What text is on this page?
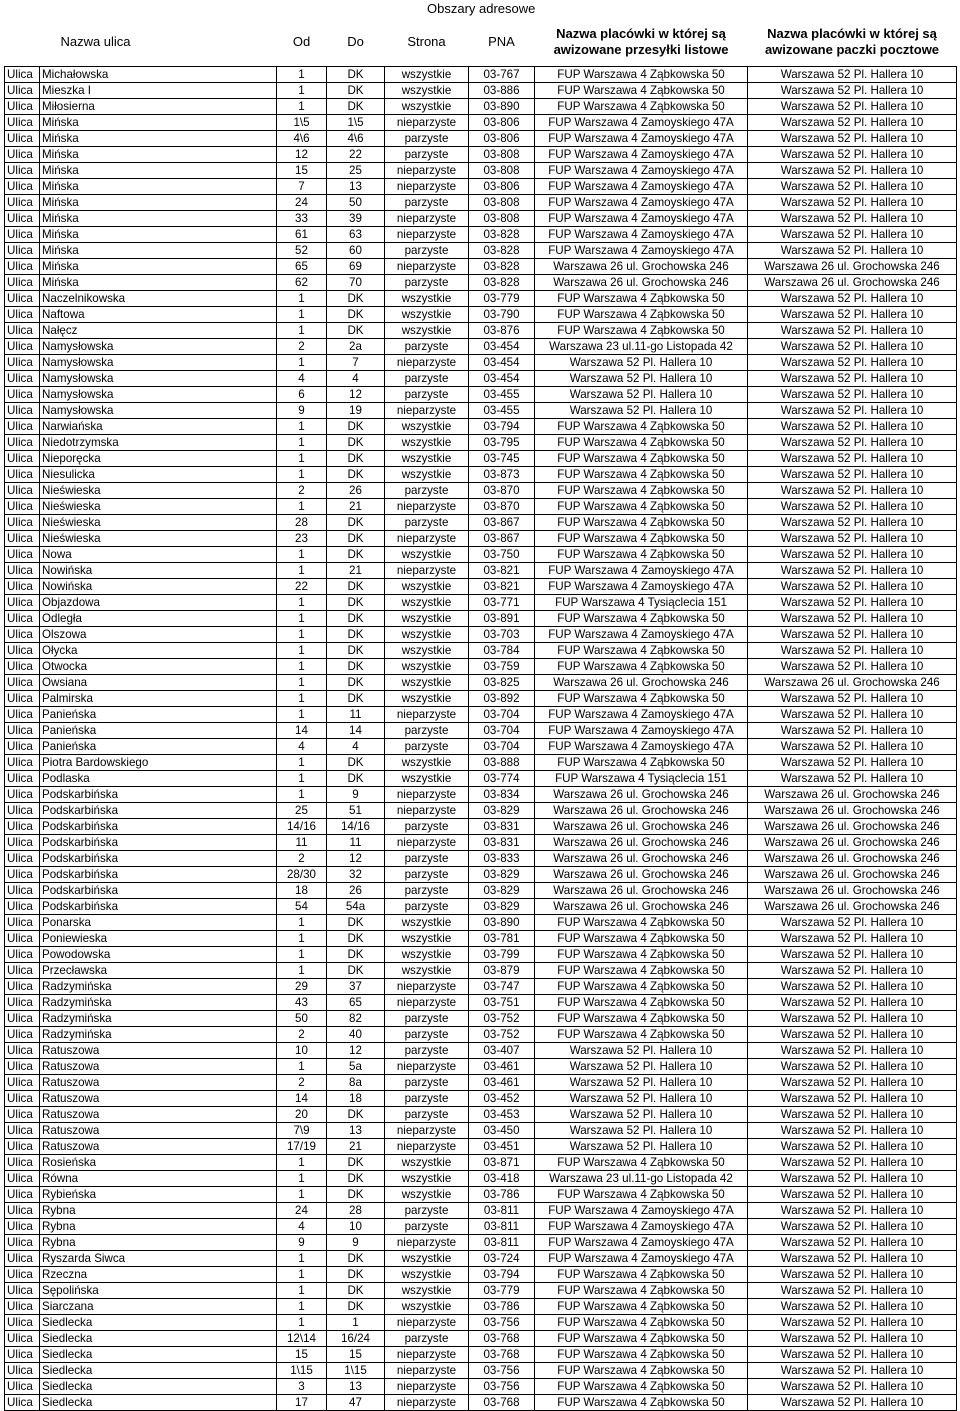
Obszary adresowe
Nazwa ulica		Od	Do	Strona	PNA	Nazwa placówki w której są
awizowane przesyłki listowe	Nazwa placówki w której są
awizowane paczki pocztowe
Ulica	Michałowska	1	DK	wszystkie	03-767	FUP Warszawa 4 Ząbkowska 50	Warszawa 52 Pl. Hallera 10
Ulica	Mieszka I	1	DK	wszystkie	03-886	FUP Warszawa 4 Ząbkowska 50	Warszawa 52 Pl. Hallera 10
Ulica	Miłosierna	1	DK	wszystkie	03-890	FUP Warszawa 4 Ząbkowska 50	Warszawa 52 Pl. Hallera 10
Ulica	Mińska	1\5	1\5	nieparzyste	03-806	FUP Warszawa 4 Zamoyskiego 47A	Warszawa 52 Pl. Hallera 10
Ulica	Mińska	4\6	4\6	parzyste	03-806	FUP Warszawa 4 Zamoyskiego 47A	Warszawa 52 Pl. Hallera 10
Ulica	Mińska	12	22	parzyste	03-808	FUP Warszawa 4 Zamoyskiego 47A	Warszawa 52 Pl. Hallera 10
Ulica	Mińska	15	25	nieparzyste	03-808	FUP Warszawa 4 Zamoyskiego 47A	Warszawa 52 Pl. Hallera 10
Ulica	Mińska	7	13	nieparzyste	03-806	FUP Warszawa 4 Zamoyskiego 47A	Warszawa 52 Pl. Hallera 10
Ulica	Mińska	24	50	parzyste	03-808	FUP Warszawa 4 Zamoyskiego 47A	Warszawa 52 Pl. Hallera 10
Ulica	Mińska	33	39	nieparzyste	03-808	FUP Warszawa 4 Zamoyskiego 47A	Warszawa 52 Pl. Hallera 10
Ulica	Mińska	61	63	nieparzyste	03-828	FUP Warszawa 4 Zamoyskiego 47A	Warszawa 52 Pl. Hallera 10
Ulica	Mińska	52	60	parzyste	03-828	FUP Warszawa 4 Zamoyskiego 47A	Warszawa 52 Pl. Hallera 10
Ulica	Mińska	65	69	nieparzyste	03-828	Warszawa 26 ul. Grochowska 246	Warszawa 26 ul. Grochowska 246
Ulica	Mińska	62	70	parzyste	03-828	Warszawa 26 ul. Grochowska 246	Warszawa 26 ul. Grochowska 246
Ulica	Naczelnikowska	1	DK	wszystkie	03-779	FUP Warszawa 4 Ząbkowska 50	Warszawa 52 Pl. Hallera 10
Ulica	Naftowa	1	DK	wszystkie	03-790	FUP Warszawa 4 Ząbkowska 50	Warszawa 52 Pl. Hallera 10
Ulica	Nałęcz	1	DK	wszystkie	03-876	FUP Warszawa 4 Ząbkowska 50	Warszawa 52 Pl. Hallera 10
Ulica	Namysłowska	2	2a	parzyste	03-454	Warszawa 23 ul.11-go Listopada 42	Warszawa 52 Pl. Hallera 10
Ulica	Namysłowska	1	7	nieparzyste	03-454	Warszawa 52 Pl. Hallera 10	Warszawa 52 Pl. Hallera 10
Ulica	Namysłowska	4	4	parzyste	03-454	Warszawa 52 Pl. Hallera 10	Warszawa 52 Pl. Hallera 10
Ulica	Namysłowska	6	12	parzyste	03-455	Warszawa 52 Pl. Hallera 10	Warszawa 52 Pl. Hallera 10
Ulica	Namysłowska	9	19	nieparzyste	03-455	Warszawa 52 Pl. Hallera 10	Warszawa 52 Pl. Hallera 10
Ulica	Narwiańska	1	DK	wszystkie	03-794	FUP Warszawa 4 Ząbkowska 50	Warszawa 52 Pl. Hallera 10
Ulica	Niedotrzymska	1	DK	wszystkie	03-795	FUP Warszawa 4 Ząbkowska 50	Warszawa 52 Pl. Hallera 10
Ulica	Nieporęcka	1	DK	wszystkie	03-745	FUP Warszawa 4 Ząbkowska 50	Warszawa 52 Pl. Hallera 10
Ulica	Niesulicka	1	DK	wszystkie	03-873	FUP Warszawa 4 Ząbkowska 50	Warszawa 52 Pl. Hallera 10
Ulica	Nieświeska	2	26	parzyste	03-870	FUP Warszawa 4 Ząbkowska 50	Warszawa 52 Pl. Hallera 10
Ulica	Nieświeska	1	21	nieparzyste	03-870	FUP Warszawa 4 Ząbkowska 50	Warszawa 52 Pl. Hallera 10
Ulica	Nieświeska	28	DK	parzyste	03-867	FUP Warszawa 4 Ząbkowska 50	Warszawa 52 Pl. Hallera 10
Ulica	Nieświeska	23	DK	nieparzyste	03-867	FUP Warszawa 4 Ząbkowska 50	Warszawa 52 Pl. Hallera 10
Ulica	Nowa	1	DK	wszystkie	03-750	FUP Warszawa 4 Ząbkowska 50	Warszawa 52 Pl. Hallera 10
Ulica	Nowińska	1	21	nieparzyste	03-821	FUP Warszawa 4 Zamoyskiego 47A	Warszawa 52 Pl. Hallera 10
Ulica	Nowińska	22	DK	wszystkie	03-821	FUP Warszawa 4 Zamoyskiego 47A	Warszawa 52 Pl. Hallera 10
Ulica	Objazdowa	1	DK	wszystkie	03-771	FUP Warszawa 4 Tysiąclecia 151	Warszawa 52 Pl. Hallera 10
Ulica	Odległa	1	DK	wszystkie	03-891	FUP Warszawa 4 Ząbkowska 50	Warszawa 52 Pl. Hallera 10
Ulica	Olszowa	1	DK	wszystkie	03-703	FUP Warszawa 4 Zamoyskiego 47A	Warszawa 52 Pl. Hallera 10
Ulica	Ołycka	1	DK	wszystkie	03-784	FUP Warszawa 4 Ząbkowska 50	Warszawa 52 Pl. Hallera 10
Ulica	Otwocka	1	DK	wszystkie	03-759	FUP Warszawa 4 Ząbkowska 50	Warszawa 52 Pl. Hallera 10
Ulica	Owsiana	1	DK	wszystkie	03-825	Warszawa 26 ul. Grochowska 246	Warszawa 26 ul. Grochowska 246
Ulica	Palmirska	1	DK	wszystkie	03-892	FUP Warszawa 4 Ząbkowska 50	Warszawa 52 Pl. Hallera 10
Ulica	Panieńska	1	11	nieparzyste	03-704	FUP Warszawa 4 Zamoyskiego 47A	Warszawa 52 Pl. Hallera 10
Ulica	Panieńska	14	14	parzyste	03-704	FUP Warszawa 4 Zamoyskiego 47A	Warszawa 52 Pl. Hallera 10
Ulica	Panieńska	4	4	parzyste	03-704	FUP Warszawa 4 Zamoyskiego 47A	Warszawa 52 Pl. Hallera 10
Ulica	Piotra Bardowskiego	1	DK	wszystkie	03-888	FUP Warszawa 4 Ząbkowska 50	Warszawa 52 Pl. Hallera 10
Ulica	Podlaska	1	DK	wszystkie	03-774	FUP Warszawa 4 Tysiąclecia 151	Warszawa 52 Pl. Hallera 10
Ulica	Podskarbińska	1	9	nieparzyste	03-834	Warszawa 26 ul. Grochowska 246	Warszawa 26 ul. Grochowska 246
Ulica	Podskarbińska	25	51	nieparzyste	03-829	Warszawa 26 ul. Grochowska 246	Warszawa 26 ul. Grochowska 246
Ulica	Podskarbińska	14/16	14/16	parzyste	03-831	Warszawa 26 ul. Grochowska 246	Warszawa 26 ul. Grochowska 246
Ulica	Podskarbińska	11	11	nieparzyste	03-831	Warszawa 26 ul. Grochowska 246	Warszawa 26 ul. Grochowska 246
Ulica	Podskarbińska	2	12	parzyste	03-833	Warszawa 26 ul. Grochowska 246	Warszawa 26 ul. Grochowska 246
Ulica	Podskarbińska	28/30	32	parzyste	03-829	Warszawa 26 ul. Grochowska 246	Warszawa 26 ul. Grochowska 246
Ulica	Podskarbińska	18	26	parzyste	03-829	Warszawa 26 ul. Grochowska 246	Warszawa 26 ul. Grochowska 246
Ulica	Podskarbińska	54	54a	parzyste	03-829	Warszawa 26 ul. Grochowska 246	Warszawa 26 ul. Grochowska 246
Ulica	Ponarska	1	DK	wszystkie	03-890	FUP Warszawa 4 Ząbkowska 50	Warszawa 52 Pl. Hallera 10
Ulica	Poniewieska	1	DK	wszystkie	03-781	FUP Warszawa 4 Ząbkowska 50	Warszawa 52 Pl. Hallera 10
Ulica	Powodowska	1	DK	wszystkie	03-799	FUP Warszawa 4 Ząbkowska 50	Warszawa 52 Pl. Hallera 10
Ulica	Przecławska	1	DK	wszystkie	03-879	FUP Warszawa 4 Ząbkowska 50	Warszawa 52 Pl. Hallera 10
Ulica	Radzymińska	29	37	nieparzyste	03-747	FUP Warszawa 4 Ząbkowska 50	Warszawa 52 Pl. Hallera 10
Ulica	Radzymińska	43	65	nieparzyste	03-751	FUP Warszawa 4 Ząbkowska 50	Warszawa 52 Pl. Hallera 10
Ulica	Radzymińska	50	82	parzyste	03-752	FUP Warszawa 4 Ząbkowska 50	Warszawa 52 Pl. Hallera 10
Ulica	Radzymińska	2	40	parzyste	03-752	FUP Warszawa 4 Ząbkowska 50	Warszawa 52 Pl. Hallera 10
Ulica	Ratuszowa	10	12	parzyste	03-407	Warszawa 52 Pl. Hallera 10	Warszawa 52 Pl. Hallera 10
Ulica	Ratuszowa	1	5a	nieparzyste	03-461	Warszawa 52 Pl. Hallera 10	Warszawa 52 Pl. Hallera 10
Ulica	Ratuszowa	2	8a	parzyste	03-461	Warszawa 52 Pl. Hallera 10	Warszawa 52 Pl. Hallera 10
Ulica	Ratuszowa	14	18	parzyste	03-452	Warszawa 52 Pl. Hallera 10	Warszawa 52 Pl. Hallera 10
Ulica	Ratuszowa	20	DK	parzyste	03-453	Warszawa 52 Pl. Hallera 10	Warszawa 52 Pl. Hallera 10
Ulica	Ratuszowa	7\9	13	nieparzyste	03-450	Warszawa 52 Pl. Hallera 10	Warszawa 52 Pl. Hallera 10
Ulica	Ratuszowa	17/19	21	nieparzyste	03-451	Warszawa 52 Pl. Hallera 10	Warszawa 52 Pl. Hallera 10
Ulica	Rosieńska	1	DK	wszystkie	03-871	FUP Warszawa 4 Ząbkowska 50	Warszawa 52 Pl. Hallera 10
Ulica	Równa	1	DK	wszystkie	03-418	Warszawa 23 ul.11-go Listopada 42	Warszawa 52 Pl. Hallera 10
Ulica	Rybieńska	1	DK	wszystkie	03-786	FUP Warszawa 4 Ząbkowska 50	Warszawa 52 Pl. Hallera 10
Ulica	Rybna	24	28	parzyste	03-811	FUP Warszawa 4 Zamoyskiego 47A	Warszawa 52 Pl. Hallera 10
Ulica	Rybna	4	10	parzyste	03-811	FUP Warszawa 4 Zamoyskiego 47A	Warszawa 52 Pl. Hallera 10
Ulica	Rybna	9	9	nieparzyste	03-811	FUP Warszawa 4 Zamoyskiego 47A	Warszawa 52 Pl. Hallera 10
Ulica	Ryszarda Siwca	1	DK	wszystkie	03-724	FUP Warszawa 4 Zamoyskiego 47A	Warszawa 52 Pl. Hallera 10
Ulica	Rzeczna	1	DK	wszystkie	03-794	FUP Warszawa 4 Ząbkowska 50	Warszawa 52 Pl. Hallera 10
Ulica	Sępolińska	1	DK	wszystkie	03-779	FUP Warszawa 4 Ząbkowska 50	Warszawa 52 Pl. Hallera 10
Ulica	Siarczana	1	DK	wszystkie	03-786	FUP Warszawa 4 Ząbkowska 50	Warszawa 52 Pl. Hallera 10
Ulica	Siedlecka	1	1	nieparzyste	03-756	FUP Warszawa 4 Ząbkowska 50	Warszawa 52 Pl. Hallera 10
Ulica	Siedlecka	12\14	16/24	parzyste	03-768	FUP Warszawa 4 Ząbkowska 50	Warszawa 52 Pl. Hallera 10
Ulica	Siedlecka	15	15	nieparzyste	03-768	FUP Warszawa 4 Ząbkowska 50	Warszawa 52 Pl. Hallera 10
Ulica	Siedlecka	1\15	1\15	nieparzyste	03-756	FUP Warszawa 4 Ząbkowska 50	Warszawa 52 Pl. Hallera 10
Ulica	Siedlecka	3	13	nieparzyste	03-756	FUP Warszawa 4 Ząbkowska 50	Warszawa 52 Pl. Hallera 10
Ulica	Siedlecka	17	47	nieparzyste	03-768	FUP Warszawa 4 Ząbkowska 50	Warszawa 52 Pl. Hallera 10
